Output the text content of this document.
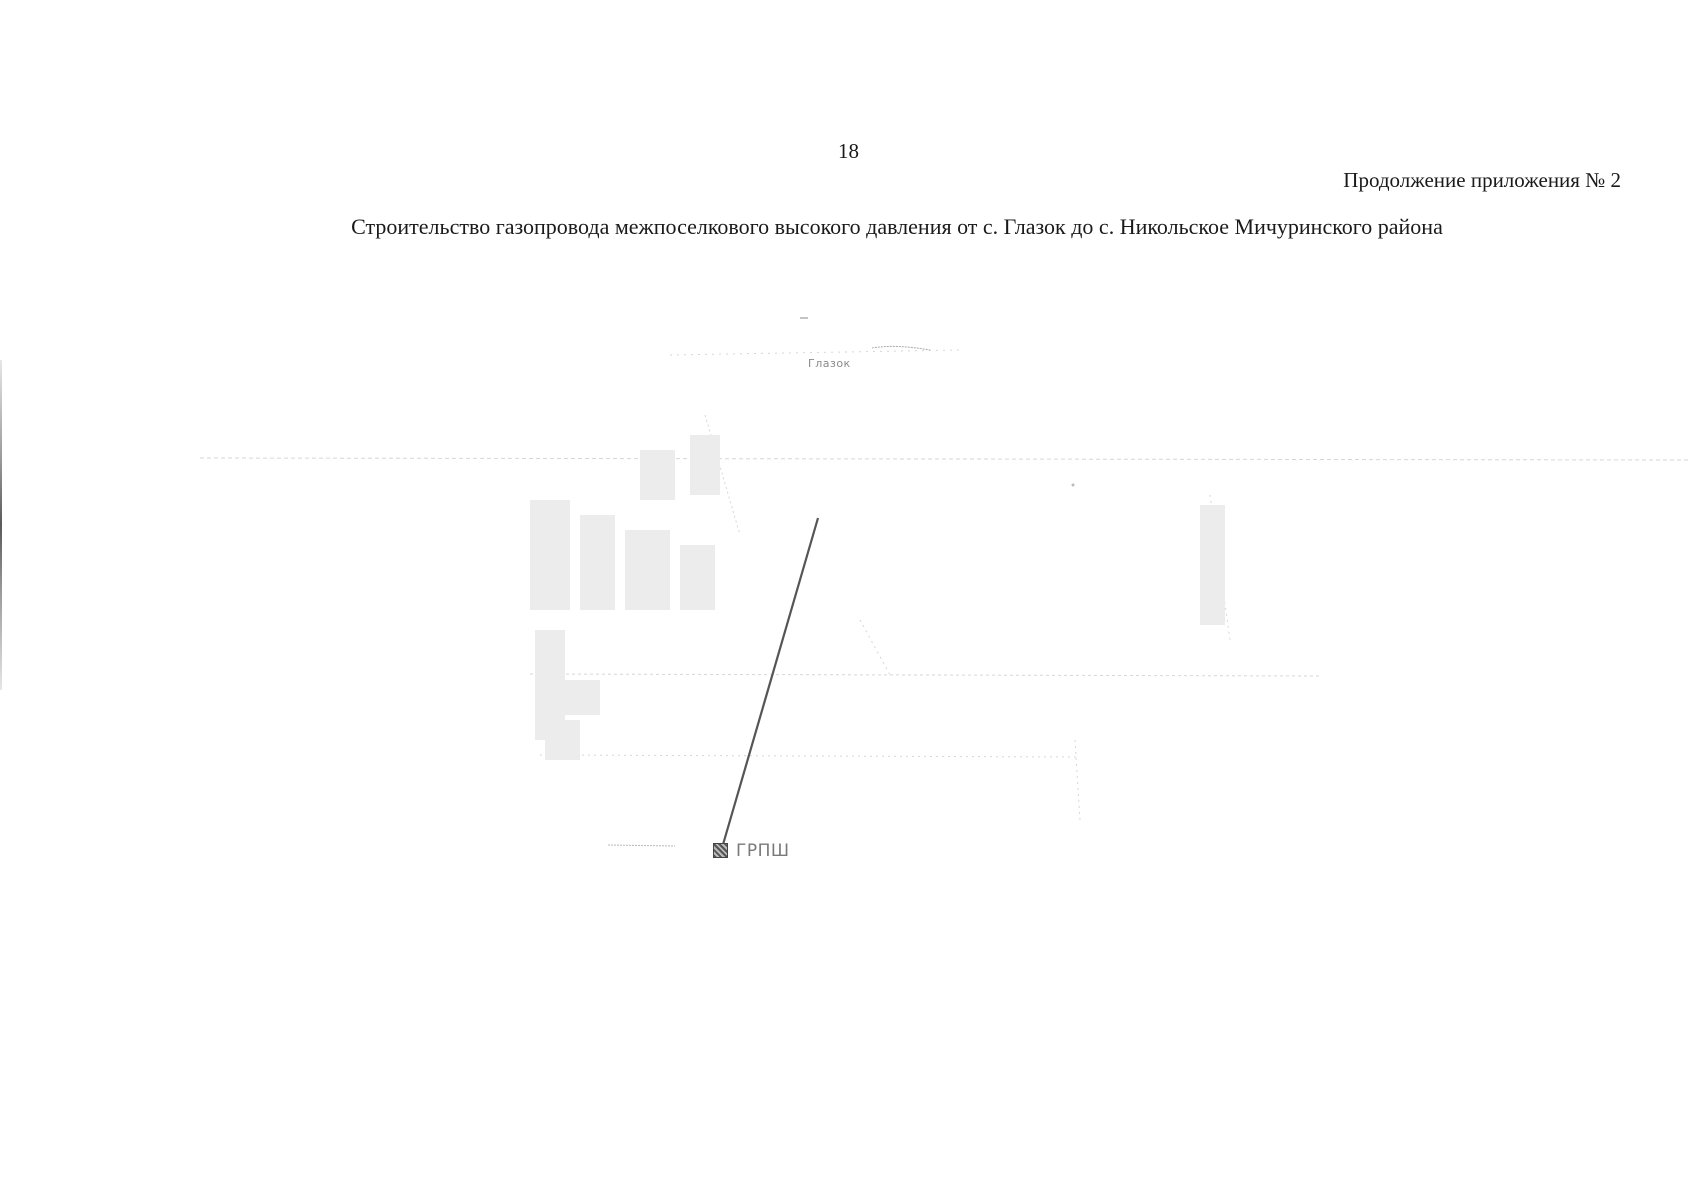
18
Продолжение приложения № 2
Строительство газопровода межпоселкового высокого давления от с. Глазок до с. Никольское Мичуринского района
Глазок
ГРПШ
